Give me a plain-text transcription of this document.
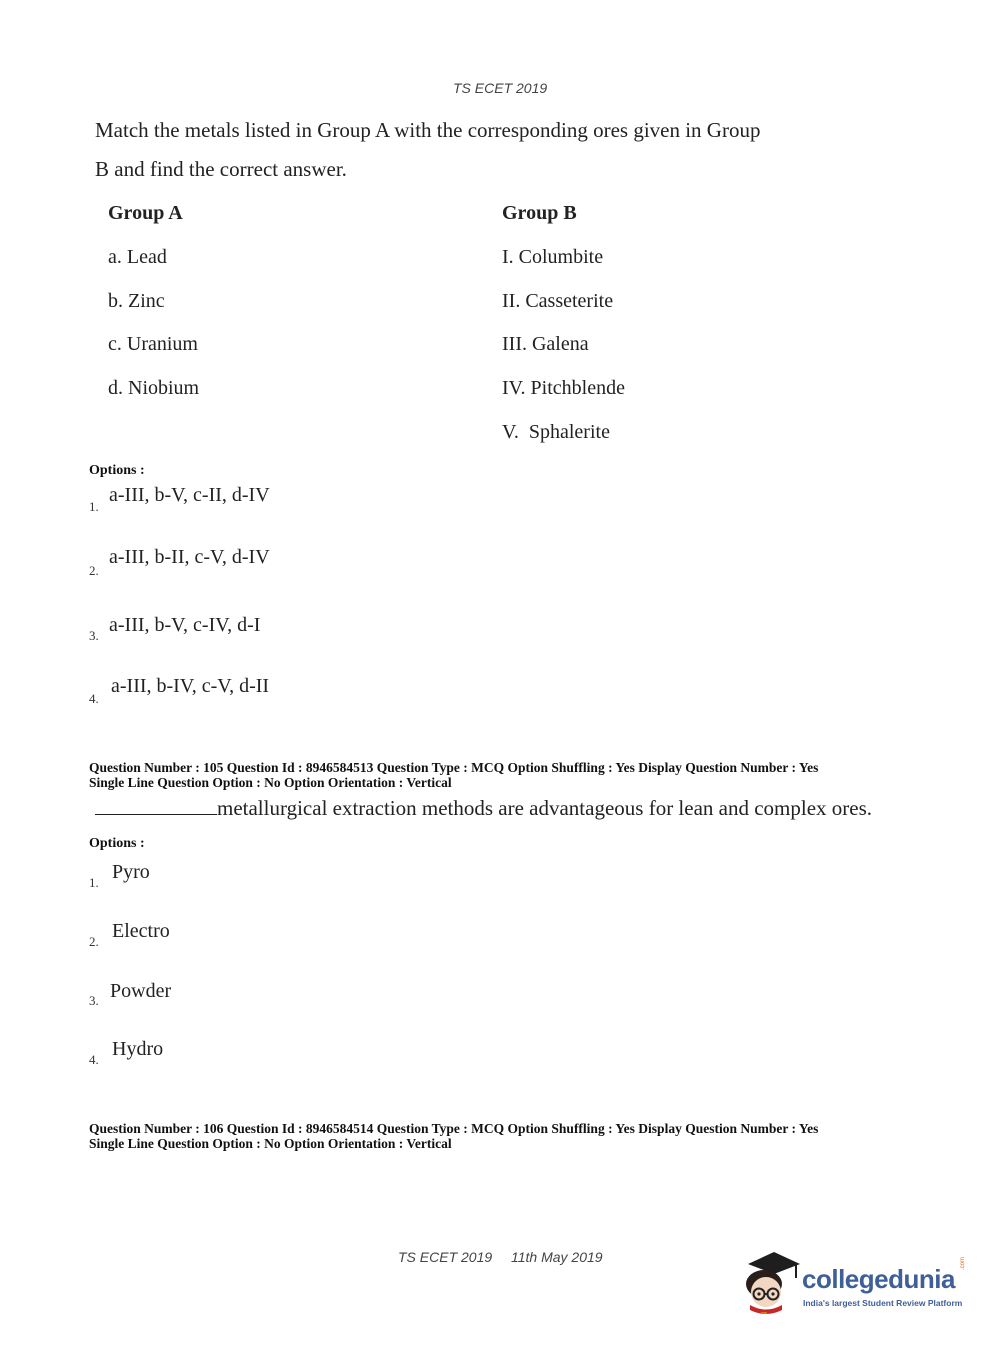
TS ECET 2019
Match the metals listed in Group A with the corresponding ores given in Group
B and find the correct answer.
Group A
a. Lead
b. Zinc
c. Uranium
d. Niobium
Group B
I. Columbite
II. Casseterite
III. Galena
IV. Pitchblende
V.  Sphalerite
Options :
1.
a-III, b-V, c-II, d-IV
2.
a-III, b-II, c-V, d-IV
3. a-III, b-V, c-IV, d-I
4.
a-III, b-IV, c-V, d-II
Question Number : 105 Question Id : 8946584513 Question Type : MCQ Option Shuffling : Yes Display Question Number : Yes
Single Line Question Option : No Option Orientation : Vertical
metallurgical extraction methods are advantageous for lean and complex ores.
Options :
1. Pyro
2. Electro
3. Powder
4. Hydro
Question Number : 106 Question Id : 8946584514 Question Type : MCQ Option Shuffling : Yes Display Question Number : Yes
Single Line Question Option : No Option Orientation : Vertical
TS ECET 2019 11th May 2019
collegedunia
.com
India's largest Student Review Platform
